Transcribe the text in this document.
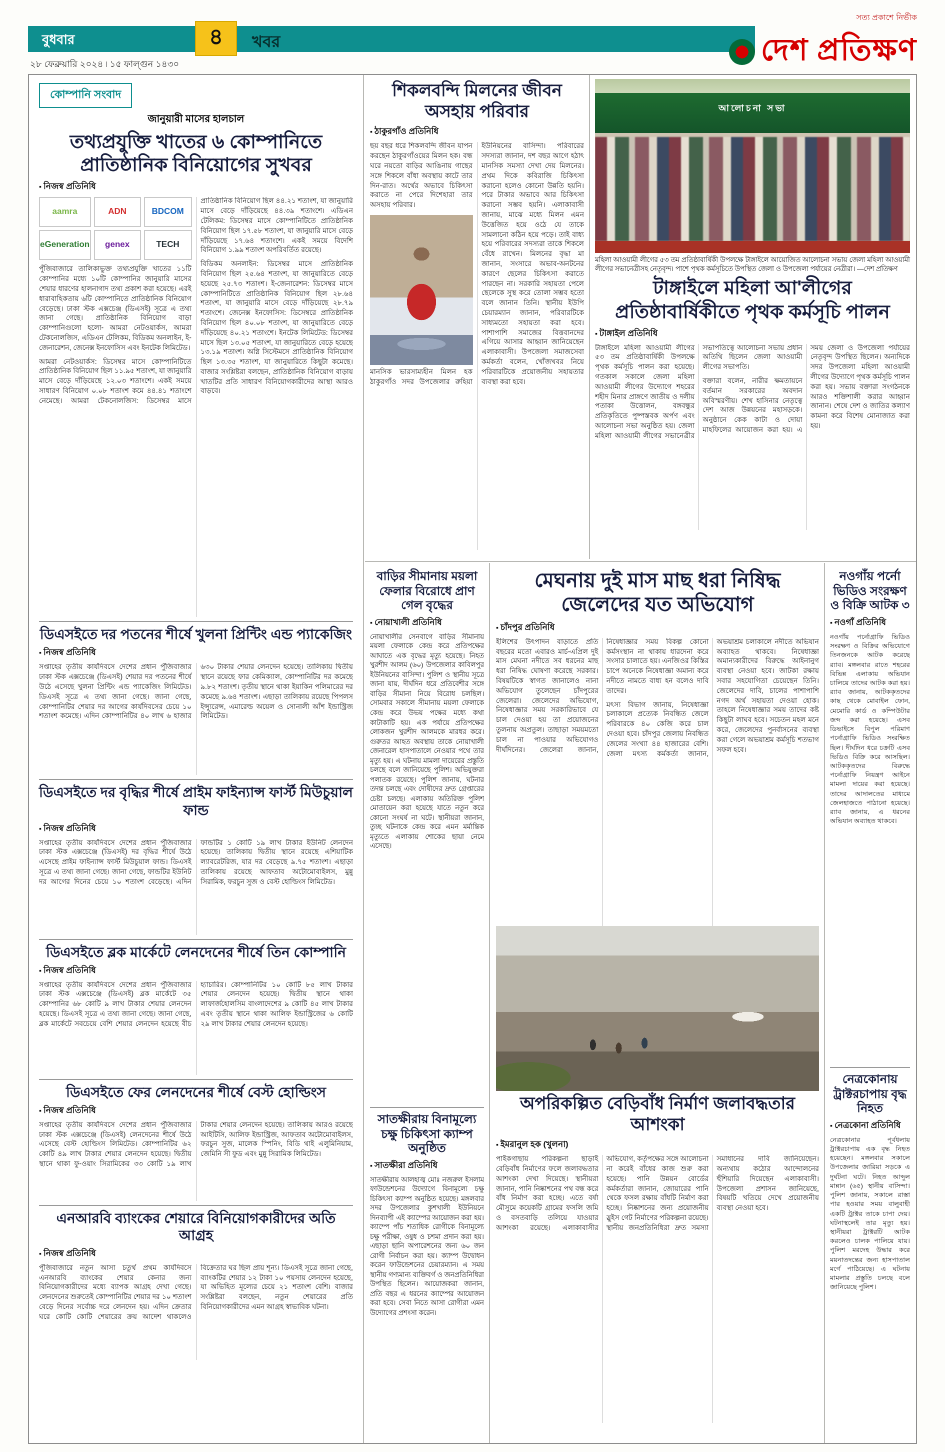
বুধবার	৪	খবর
২৮ ফেব্রুয়ারি ২০২৪ ৷ ১৫ ফাল্গুন ১৪৩০
সত্য প্রকাশে নির্ভীক
দেশ প্রতিক্ষণ
কোম্পানি সংবাদ
জানুয়ারী মাসের হালচাল
তথ্যপ্রযুক্তি খাতের ৬ কোম্পানিতে প্রাতিষ্ঠানিক বিনিয়োগের সুখবর
▪ নিজস্ব প্রতিনিধি
aamra	ADN	BDCOM
eGeneration genex	TECH

পুঁজিবাজারে তালিকাভুক্ত তথ্যপ্রযুক্তি খাতের ১১টি কোম্পানির মধ্যে ১০টি কোম্পানির জানুয়ারি মাসের শেয়ার ধারণের হালনাগাদ তথ্য প্রকাশ করা হয়েছে। এরই ধারাবাহিকতায় ৬টি কোম্পানিতে প্রাতিষ্ঠানিক বিনিয়োগ বেড়েছে। ঢাকা স্টক এক্সচেঞ্জ (ডিএসই) সূত্রে এ তথ্য জানা গেছে। প্রাতিষ্ঠানিক বিনিয়োগ বাড়া কোম্পানিগুলো হলো- আমরা নেটওয়ার্কস, আমরা টেকনোলজিস, এডিএন টেলিকম, বিডিকম অনলাইন, ই-জেনারেশন, জেনেক্স ইনফোসিস এবং ইনটেক লিমিটেড।

আমরা নেটওয়ার্কস: ডিসেম্বর মাসে কোম্পানিটিতে প্রাতিষ্ঠানিক বিনিয়োগ ছিল ১১.৯৫ শতাংশ, যা জানুয়ারি মাসে বেড়ে দাঁড়িয়েছে ১২.০৩ শতাংশে। একই সময়ে সাধারণ বিনিয়োগ ০.০৮ শতাংশ কমে ৪৪.৪১ শতাংশে নেমেছে। আমরা টেকনোলজিস: ডিসেম্বর মাসে প্রাতিষ্ঠানিক বিনিয়োগ ছিল ৪৪.২১ শতাংশ, যা জানুয়ারি মাসে বেড়ে দাঁড়িয়েছে ৪৪.৩৯ শতাংশে। এডিএন টেলিকম: ডিসেম্বর মাসে কোম্পানিটিতে প্রাতিষ্ঠানিক বিনিয়োগ ছিল ১৭.৫৮ শতাংশ, যা জানুয়ারি মাসে বেড়ে দাঁড়িয়েছে ১৭.৬৪ শতাংশে। একই সময়ে বিদেশি বিনিয়োগ ১.৯৯ শতাংশ অপরিবর্তিত রয়েছে।

বিডিকম অনলাইন: ডিসেম্বর মাসে প্রাতিষ্ঠানিক বিনিয়োগ ছিল ২৫.৬৪ শতাংশ, যা জানুয়ারিতে বেড়ে হয়েছে ২৫.৭৩ শতাংশ। ই-জেনারেশন: ডিসেম্বর মাসে কোম্পানিটিতে প্রাতিষ্ঠানিক বিনিয়োগ ছিল ২৮.৬৪ শতাংশ, যা জানুয়ারি মাসে বেড়ে দাঁড়িয়েছে ২৮.৭৯ শতাংশে। জেনেক্স ইনফোসিস: ডিসেম্বরে প্রাতিষ্ঠানিক বিনিয়োগ ছিল ৪০.০৮ শতাংশ, যা জানুয়ারিতে বেড়ে দাঁড়িয়েছে ৪০.২১ শতাংশে। ইনটেক লিমিটেড: ডিসেম্বর মাসে ছিল ১৩.০৫ শতাংশ, যা জানুয়ারিতে বেড়ে হয়েছে ১৩.১৯ শতাংশ। অগ্নি সিস্টেমসে প্রাতিষ্ঠানিক বিনিয়োগ ছিল ১৩.৩৫ শতাংশ, যা জানুয়ারিতে কিছুটা কমেছে। বাজার সংশ্লিষ্টরা বলছেন, প্রাতিষ্ঠানিক বিনিয়োগ বাড়ায় খাতটির প্রতি সাধারণ বিনিয়োগকারীদের আস্থা আরও বাড়বে।

ডিএসইতে দর পতনের শীর্ষে খুলনা প্রিন্টিং এন্ড প্যাকেজিং
▪ নিজস্ব প্রতিনিধি

সপ্তাহের তৃতীয় কার্যদিবসে দেশের প্রধান পুঁজিবাজার ঢাকা স্টক এক্সচেঞ্জে (ডিএসই) শেয়ার দর পতনের শীর্ষে উঠে এসেছে খুলনা প্রিন্টিং এন্ড প্যাকেজিং লিমিটেড। ডিএসই সূত্রে এ তথ্য জানা গেছে। জানা গেছে, কোম্পানিটির শেয়ার দর আগের কার্যদিবসের চেয়ে ১০ শতাংশ কমেছে। এদিন কোম্পানিটির ৪০ লাখ ৬ হাজার ৬৩০ টাকার শেয়ার লেনদেন হয়েছে। তালিকায় দ্বিতীয় স্থানে রয়েছে ফার কেমিক্যাল, কোম্পানিটির দর কমেছে ৯.৮২ শতাংশ। তৃতীয় স্থানে থাকা ইয়াকিন পলিমারের দর কমেছে ৯.৬৪ শতাংশ। এছাড়া তালিকায় রয়েছে পিপলস ইন্স্যুরেন্স, এমারেল্ড অয়েল ও সোনালী আঁশ ইন্ডাস্ট্রিজ লিমিটেড।

ডিএসইতে দর বৃদ্ধির শীর্ষে প্রাইম ফাইন্যান্স ফার্স্ট মিউচুয়াল ফান্ড
▪ নিজস্ব প্রতিনিধি

সপ্তাহের তৃতীয় কার্যদিবসে দেশের প্রধান পুঁজিবাজার ঢাকা স্টক এক্সচেঞ্জে (ডিএসই) দর বৃদ্ধির শীর্ষে উঠে এসেছে প্রাইম ফাইন্যান্স ফার্স্ট মিউচুয়াল ফান্ড। ডিএসই সূত্রে এ তথ্য জানা গেছে। জানা গেছে, ফান্ডটির ইউনিট দর আগের দিনের চেয়ে ১০ শতাংশ বেড়েছে। এদিন ফান্ডটির ১ কোটি ১৯ লাখ টাকার ইউনিট লেনদেন হয়েছে। তালিকায় দ্বিতীয় স্থানে রয়েছে এশিয়াটিক ল্যাবরেটরিজ, যার দর বেড়েছে ৯.৭৫ শতাংশ। এছাড়া তালিকায় রয়েছে আফতাব অটোমোবাইলস, মুন্নু সিরামিক, ফরচুন সুজ ও বেস্ট হোল্ডিংস লিমিটেড।

ডিএসইতে ব্লক মার্কেটে লেনদেনের শীর্ষে তিন কোম্পানি
▪ নিজস্ব প্রতিনিধি

সপ্তাহের তৃতীয় কার্যদিবসে দেশের প্রধান পুঁজিবাজার ঢাকা স্টক এক্সচেঞ্জে (ডিএসই) ব্লক মার্কেটে ৩৫ কোম্পানির ৬৮ কোটি ৯ লাখ টাকার শেয়ার লেনদেন হয়েছে। ডিএসই সূত্রে এ তথ্য জানা গেছে। জানা গেছে, ব্লক মার্কেটে সবচেয়ে বেশি শেয়ার লেনদেন হয়েছে বীচ হ্যাচারির। কোম্পানিটির ১০ কোটি ৮৫ লাখ টাকার শেয়ার লেনদেন হয়েছে। দ্বিতীয় স্থানে থাকা লাফার্জহোলসিম বাংলাদেশের ৯ কোটি ৪৫ লাখ টাকার এবং তৃতীয় স্থানে থাকা আলিফ ইন্ডাস্ট্রিজের ৬ কোটি ২৯ লাখ টাকার শেয়ার লেনদেন হয়েছে।

ডিএসইতে ফের লেনদেনের শীর্ষে বেস্ট হোল্ডিংস
▪ নিজস্ব প্রতিনিধি

সপ্তাহের তৃতীয় কার্যদিবসে দেশের প্রধান পুঁজিবাজার ঢাকা স্টক এক্সচেঞ্জে (ডিএসই) লেনদেনের শীর্ষে উঠে এসেছে বেস্ট হোল্ডিংস লিমিটেড। কোম্পানিটির ৬২ কোটি ৪৯ লাখ টাকার শেয়ার লেনদেন হয়েছে। দ্বিতীয় স্থানে থাকা ফু-ওয়াং সিরামিকের ৩৩ কোটি ১৯ লাখ টাকার শেয়ার লেনদেন হয়েছে। তালিকায় আরও রয়েছে আইটিসি, আলিফ ইন্ডাস্ট্রিজ, আফতাব অটোমোবাইলস, ফরচুন সুজ, মালেক স্পিনিং, বিডি থাই এলুমিনিয়াম, জেমিনি সী ফুড এবং মুন্নু সিরামিক লিমিটেড।

এনআরবি ব্যাংকের শেয়ারে বিনিয়োগকারীদের অতি আগ্রহ
▪ নিজস্ব প্রতিনিধি

পুঁজিবাজারে নতুন আসা চতুর্থ প্রথম কার্যদিবসে এনআরবি ব্যাংকের শেয়ার কেনার জন্য বিনিয়োগকারীদের মধ্যে ব্যাপক আগ্রহ দেখা গেছে। লেনদেনের শুরুতেই কোম্পানিটির শেয়ার দর ১০ শতাংশ বেড়ে দিনের সর্বোচ্চ দরে লেনদেন হয়। এদিন ক্রেতার ঘরে কোটি কোটি শেয়ারের ক্রয় আদেশ থাকলেও বিক্রেতার ঘর ছিল প্রায় শূন্য। ডিএসই সূত্রে জানা গেছে, ব্যাংকটির শেয়ার ১২ টাকা ১০ পয়সায় লেনদেন হয়েছে, যা অভিহিত মূল্যের চেয়ে ২১ শতাংশ বেশি। বাজার সংশ্লিষ্টরা বলছেন, নতুন শেয়ারের প্রতি বিনিয়োগকারীদের এমন আগ্রহ স্বাভাবিক ঘটনা।

শিকলবন্দি মিলনের জীবন অসহায় পরিবার
▪ ঠাকুরগাঁও প্রতিনিধি

ছয় বছর ধরে শিকলবন্দি জীবন যাপন করছেন ঠাকুরগাঁওয়ের মিলন হক। বন্ধ ঘরে নয়তো বাড়ির আঙিনায় গাছের সঙ্গে শিকলে বাঁধা অবস্থায় কাটে তার দিন-রাত। অর্থের অভাবে চিকিৎসা করাতে না পেরে দিশেহারা তার অসহায় পরিবার।

মানসিক ভারসাম্যহীন মিলন হক ঠাকুরগাঁও সদর উপজেলার রুহিয়া ইউনিয়নের বাসিন্দা। পরিবারের সদস্যরা জানান, দশ বছর আগে হঠাৎ মানসিক সমস্যা দেখা দেয় মিলনের। প্রথম দিকে কবিরাজি চিকিৎসা করানো হলেও কোনো উন্নতি হয়নি। পরে টাকার অভাবে আর চিকিৎসা করানো সম্ভব হয়নি। এলাকাবাসী জানায়, মাঝে মধ্যে মিলন এমন উত্তেজিত হয়ে ওঠে যে তাকে সামলানো কঠিন হয়ে পড়ে। তাই বাধ্য হয়ে পরিবারের সদস্যরা তাকে শিকলে বেঁধে রাখেন। মিলনের বৃদ্ধা মা জানান, সংসারে অভাব-অনটনের কারণে ছেলের চিকিৎসা করাতে পারছেন না। সরকারি সহায়তা পেলে ছেলেকে সুস্থ করে তোলা সম্ভব হতো বলে জানান তিনি। স্থানীয় ইউপি চেয়ারম্যান জানান, পরিবারটিকে সাধ্যমতো সহায়তা করা হবে। পাশাপাশি সমাজের বিত্তবানদের এগিয়ে আসার আহ্বান জানিয়েছেন এলাকাবাসী। উপজেলা সমাজসেবা কর্মকর্তা বলেন, খোঁজখবর নিয়ে পরিবারটিকে প্রয়োজনীয় সহায়তার ব্যবস্থা করা হবে।

আলোচনা সভা
মহিলা আওয়ামী লীগের ৫৩ তম প্রতিষ্ঠাবার্ষিকী উপলক্ষে টাঙ্গাইলে আয়োজিত আলোচনা সভায় জেলা মহিলা আওয়ামী লীগের সভানেত্রীসহ নেতৃবৃন্দ। পাশে পৃথক কর্মসূচিতে উপস্থিত জেলা ও উপজেলা পর্যায়ের নেত্রীরা। —দেশ প্রতিক্ষণ
টাঙ্গাইলে মহিলা আ'লীগের প্রতিষ্ঠাবার্ষিকীতে পৃথক কর্মসূচি পালন
▪ টাঙ্গাইল প্রতিনিধি

টাঙ্গাইলে মহিলা আওয়ামী লীগের ৫৩ তম প্রতিষ্ঠাবার্ষিকী উপলক্ষে পৃথক কর্মসূচি পালন করা হয়েছে। গতকাল সকালে জেলা মহিলা আওয়ামী লীগের উদ্যোগে শহরের শহীদ মিনার প্রাঙ্গণে জাতীয় ও দলীয় পতাকা উত্তোলন, বঙ্গবন্ধুর প্রতিকৃতিতে পুষ্পস্তবক অর্পণ এবং আলোচনা সভা অনুষ্ঠিত হয়। জেলা মহিলা আওয়ামী লীগের সভানেত্রীর সভাপতিত্বে আলোচনা সভায় প্রধান অতিথি ছিলেন জেলা আওয়ামী লীগের সভাপতি।

বক্তারা বলেন, নারীর ক্ষমতায়নে বর্তমান সরকারের অবদান অবিস্মরণীয়। শেখ হাসিনার নেতৃত্বে দেশ আজ উন্নয়নের মহাসড়কে। অনুষ্ঠানে কেক কাটা ও দোয়া মাহফিলের আয়োজন করা হয়। এ সময় জেলা ও উপজেলা পর্যায়ের নেতৃবৃন্দ উপস্থিত ছিলেন। অন্যদিকে সদর উপজেলা মহিলা আওয়ামী লীগের উদ্যোগে পৃথক কর্মসূচি পালন করা হয়। সভায় বক্তারা সংগঠনকে আরও শক্তিশালী করার আহ্বান জানান। শেষে দেশ ও জাতির কল্যাণ কামনা করে বিশেষ মোনাজাত করা হয়।

বাড়ির সীমানায় ময়লা ফেলার বিরোধে প্রাণ গেল বৃদ্ধের
▪ নোয়াখালী প্রতিনিধি

নোয়াখালীর সেনবাগে বাড়ির সীমানায় ময়লা ফেলাকে কেন্দ্র করে প্রতিপক্ষের আঘাতে এক বৃদ্ধের মৃত্যু হয়েছে। নিহত খুরশীদ আলম (৬০) উপজেলার কাবিলপুর ইউনিয়নের বাসিন্দা। পুলিশ ও স্থানীয় সূত্রে জানা যায়, দীর্ঘদিন ধরে প্রতিবেশীর সঙ্গে বাড়ির সীমানা নিয়ে বিরোধ চলছিল। সোমবার সকালে সীমানায় ময়লা ফেলাকে কেন্দ্র করে উভয় পক্ষের মধ্যে কথা কাটাকাটি হয়। এক পর্যায়ে প্রতিপক্ষের লোকজন খুরশীদ আলমকে মারধর করে। গুরুতর আহত অবস্থায় তাকে নোয়াখালী জেনারেল হাসপাতালে নেওয়ার পথে তার মৃত্যু হয়। এ ঘটনায় মামলা দায়েরের প্রস্তুতি চলছে বলে জানিয়েছে পুলিশ। অভিযুক্তরা পলাতক রয়েছে। পুলিশ জানায়, ঘটনার তদন্ত চলছে এবং দোষীদের দ্রুত গ্রেপ্তারের চেষ্টা চলছে। এলাকায় অতিরিক্ত পুলিশ মোতায়েন করা হয়েছে যাতে নতুন করে কোনো সংঘর্ষ না ঘটে। স্থানীয়রা জানান, তুচ্ছ ঘটনাকে কেন্দ্র করে এমন মর্মান্তিক মৃত্যুতে এলাকায় শোকের ছায়া নেমে এসেছে।

সাতক্ষীরায় বিনামূল্যে চক্ষু চিকিৎসা ক্যাম্প অনুষ্ঠিত
▪ সাতক্ষীরা প্রতিনিধি

সাতক্ষীরায় আলহাজ্ব মোঃ নজরুল ইসলাম ফাউন্ডেশনের উদ্যোগে বিনামূল্যে চক্ষু চিকিৎসা ক্যাম্প অনুষ্ঠিত হয়েছে। মঙ্গলবার সদর উপজেলার কুশখালী ইউনিয়নে দিনব্যাপী এই ক্যাম্পের আয়োজন করা হয়। ক্যাম্পে পাঁচ শতাধিক রোগীকে বিনামূল্যে চক্ষু পরীক্ষা, ওষুধ ও চশমা প্রদান করা হয়। এছাড়া ছানি অপারেশনের জন্য ৬০ জন রোগী নির্বাচন করা হয়। ক্যাম্প উদ্বোধন করেন ফাউন্ডেশনের চেয়ারম্যান। এ সময় স্থানীয় গণ্যমান্য ব্যক্তিবর্গ ও জনপ্রতিনিধিরা উপস্থিত ছিলেন। আয়োজকরা জানান, প্রতি বছর এ ধরনের ক্যাম্পের আয়োজন করা হবে। সেবা নিতে আসা রোগীরা এমন উদ্যোগের প্রশংসা করেন।

মেঘনায় দুই মাস মাছ ধরা নিষিদ্ধ জেলেদের যত অভিযোগ
▪ চাঁদপুর প্রতিনিধি

ইলিশের উৎপাদন বাড়াতে প্রতি বছরের মতো এবারও মার্চ-এপ্রিল দুই মাস মেঘনা নদীতে সব ধরনের মাছ ধরা নিষিদ্ধ ঘোষণা করেছে সরকার। বিষয়টিকে স্বাগত জানালেও নানা অভিযোগ তুলেছেন চাঁদপুরের জেলেরা। জেলেদের অভিযোগ, নিষেধাজ্ঞার সময় সরকারিভাবে যে চাল দেওয়া হয় তা প্রয়োজনের তুলনায় অপ্রতুল। তাছাড়া সময়মতো চাল না পাওয়ার অভিযোগও দীর্ঘদিনের। জেলেরা জানান, নিষেধাজ্ঞার সময় বিকল্প কোনো কর্মসংস্থান না থাকায় ধারদেনা করে সংসার চালাতে হয়। এনজিওর কিস্তির চাপে অনেকে নিষেধাজ্ঞা অমান্য করে নদীতে নামতে বাধ্য হন বলেও দাবি তাদের।

মৎস্য বিভাগ জানায়, নিষেধাজ্ঞা চলাকালে প্রত্যেক নিবন্ধিত জেলে পরিবারকে ৪০ কেজি করে চাল দেওয়া হবে। চাঁদপুর জেলায় নিবন্ধিত জেলের সংখ্যা ৪৪ হাজারের বেশি। জেলা মৎস্য কর্মকর্তা জানান, অভয়াশ্রম চলাকালে নদীতে অভিযান অব্যাহত থাকবে। নিষেধাজ্ঞা অমান্যকারীদের বিরুদ্ধে আইনানুগ ব্যবস্থা নেওয়া হবে। জাটকা রক্ষায় সবার সহযোগিতা চেয়েছেন তিনি। জেলেদের দাবি, চালের পাশাপাশি নগদ অর্থ সহায়তা দেওয়া হোক। তাহলে নিষেধাজ্ঞার সময় তাদের কষ্ট কিছুটা লাঘব হবে। সচেতন মহল মনে করে, জেলেদের পুনর্বাসনের ব্যবস্থা করা গেলে অভয়াশ্রম কর্মসূচি শতভাগ সফল হবে।

অপরিকল্পিত বেড়িবাঁধ নির্মাণ জলাবদ্ধতার আশংকা
▪ ইমরানুল হক (খুলনা)

পাইকগাছায় পরিকল্পনা ছাড়াই বেড়িবাঁধ নির্মাণের ফলে জলাবদ্ধতার আশংকা দেখা দিয়েছে। স্থানীয়রা জানান, পানি নিষ্কাশনের পথ বন্ধ করে বাঁধ নির্মাণ করা হচ্ছে। এতে বর্ষা মৌসুমে কয়েকটি গ্রামের ফসলি জমি ও বসতবাড়ি তলিয়ে যাওয়ার আশংকা রয়েছে। এলাকাবাসীর অভিযোগ, কর্তৃপক্ষের সঙ্গে আলোচনা না করেই বাঁধের কাজ শুরু করা হয়েছে। পানি উন্নয়ন বোর্ডের কর্মকর্তারা জানান, জোয়ারের পানি থেকে ফসল রক্ষায় বাঁধটি নির্মাণ করা হচ্ছে। নিষ্কাশনের জন্য প্রয়োজনীয় স্লুইস গেট নির্মাণের পরিকল্পনা রয়েছে। স্থানীয় জনপ্রতিনিধিরা দ্রুত সমস্যা সমাধানের দাবি জানিয়েছেন। অন্যথায় কঠোর আন্দোলনের হুঁশিয়ারি দিয়েছেন এলাকাবাসী। উপজেলা প্রশাসন জানিয়েছে, বিষয়টি খতিয়ে দেখে প্রয়োজনীয় ব্যবস্থা নেওয়া হবে।

নওগাঁয় পর্নো ভিডিও সংরক্ষণ ও বিক্রি আটক ৩
▪ নওগাঁ প্রতিনিধি

নওগাঁয় পর্নোগ্রাফি ভিডিও সংরক্ষণ ও বিক্রির অভিযোগে তিনজনকে আটক করেছে র‍্যাব। মঙ্গলবার রাতে শহরের বিভিন্ন এলাকায় অভিযান চালিয়ে তাদের আটক করা হয়। র‍্যাব জানায়, আটককৃতদের কাছ থেকে মোবাইল ফোন, মেমোরি কার্ড ও কম্পিউটার জব্দ করা হয়েছে। এসব ডিভাইসে বিপুল পরিমাণ পর্নোগ্রাফি ভিডিও সংরক্ষিত ছিল। দীর্ঘদিন ধরে চক্রটি এসব ভিডিও বিক্রি করে আসছিল। আটককৃতদের বিরুদ্ধে পর্নোগ্রাফি নিয়ন্ত্রণ আইনে মামলা দায়ের করা হয়েছে। তাদের আদালতের মাধ্যমে জেলহাজতে পাঠানো হয়েছে। র‍্যাব জানায়, এ ধরনের অভিযান অব্যাহত থাকবে।

নেত্রকোনায় ট্রাক্টরচাপায় বৃদ্ধ নিহত
▪ নেত্রকোনা প্রতিনিধি

নেত্রকোনার পূর্বধলায় ট্রাক্টরচাপায় এক বৃদ্ধ নিহত হয়েছেন। মঙ্গলবার সকালে উপজেলার জারিয়া সড়কে এ দুর্ঘটনা ঘটে। নিহত আব্দুল মান্নান (৬৫) স্থানীয় বাসিন্দা। পুলিশ জানায়, সকালে রাস্তা পার হওয়ার সময় বালুবাহী একটি ট্রাক্টর তাকে চাপা দেয়। ঘটনাস্থলেই তার মৃত্যু হয়। স্থানীয়রা ট্রাক্টরটি আটক করলেও চালক পালিয়ে যায়। পুলিশ মরদেহ উদ্ধার করে ময়নাতদন্তের জন্য হাসপাতাল মর্গে পাঠিয়েছে। এ ঘটনায় মামলার প্রস্তুতি চলছে বলে জানিয়েছে পুলিশ।
